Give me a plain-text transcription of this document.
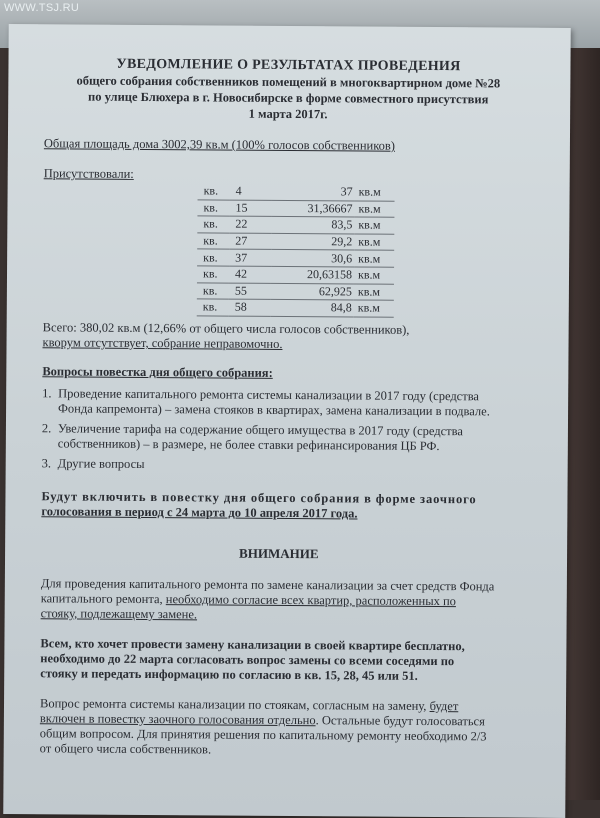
WWW.TSJ.RU
УВЕДОМЛЕНИЕ О РЕЗУЛЬТАТАХ ПРОВЕДЕНИЯ
общего собрания собственников помещений в многоквартирном доме №28
по улице Блюхера в г. Новосибирске в форме совместного присутствия
1 марта 2017г.
Общая площадь дома 3002,39 кв.м (100% голосов собственников)
Присутствовали:
кв.	4	37	кв.м
кв.	15	31,36667	кв.м
кв.	22	83,5	кв.м
кв.	27	29,2	кв.м
кв.	37	30,6	кв.м
кв.	42	20,63158	кв.м
кв.	55	62,925	кв.м
кв.	58	84,8	кв.м
Всего: 380,02 кв.м (12,66% от общего числа голосов собственников),
кворум отсутствует, собрание неправомочно.
Вопросы повестка дня общего собрания:
1. Проведение капитального ремонта системы канализации в 2017 году (средства
Фонда капремонта) – замена стояков в квартирах, замена канализации в подвале.
2. Увеличение тарифа на содержание общего имущества в 2017 году (средства
собственников) – в размере, не более ставки рефинансирования ЦБ РФ.
3. Другие вопросы
Будут включить в повестку дня общего собрания в форме заочного
голосования в период с 24 марта до 10 апреля 2017 года.
ВНИМАНИЕ
Для проведения капитального ремонта по замене канализации за счет средств Фонда
капитального ремонта, необходимо согласие всех квартир, расположенных по
стояку, подлежащему замене.
Всем, кто хочет провести замену канализации в своей квартире бесплатно,
необходимо до 22 марта согласовать вопрос замены со всеми соседями по
стояку и передать информацию по согласию в кв. 15, 28, 45 или 51.
Вопрос ремонта системы канализации по стоякам, согласным на замену, будет
включен в повестку заочного голосования отдельно. Остальные будут голосоваться
общим вопросом. Для принятия решения по капитальному ремонту необходимо 2/3
от общего числа собственников.
